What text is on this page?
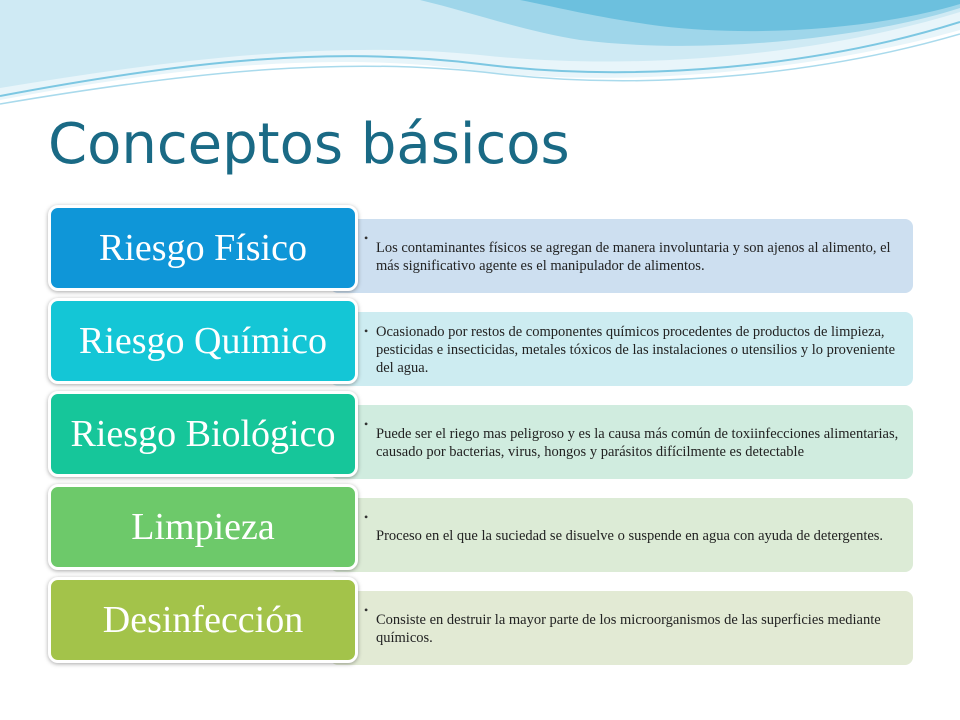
Conceptos básicos
•
Los contaminantes físicos se agregan de manera involuntaria y son ajenos al alimento, el más significativo agente es el manipulador de alimentos.
Riesgo Físico
• Ocasionado por restos de componentes químicos procedentes de productos de limpieza, pesticidas e insecticidas, metales tóxicos de las instalaciones o utensilios y lo proveniente del agua.
Riesgo Químico
•
Puede ser el riego mas peligroso y es la causa más común de toxiinfecciones alimentarias, causado por bacterias, virus, hongos y parásitos difícilmente es detectable
Riesgo Biológico
•
Proceso en el que la suciedad se disuelve o suspende en agua con ayuda de detergentes.
Limpieza
•
Consiste en destruir la mayor parte de los microorganismos de las superficies mediante químicos.
Desinfección
